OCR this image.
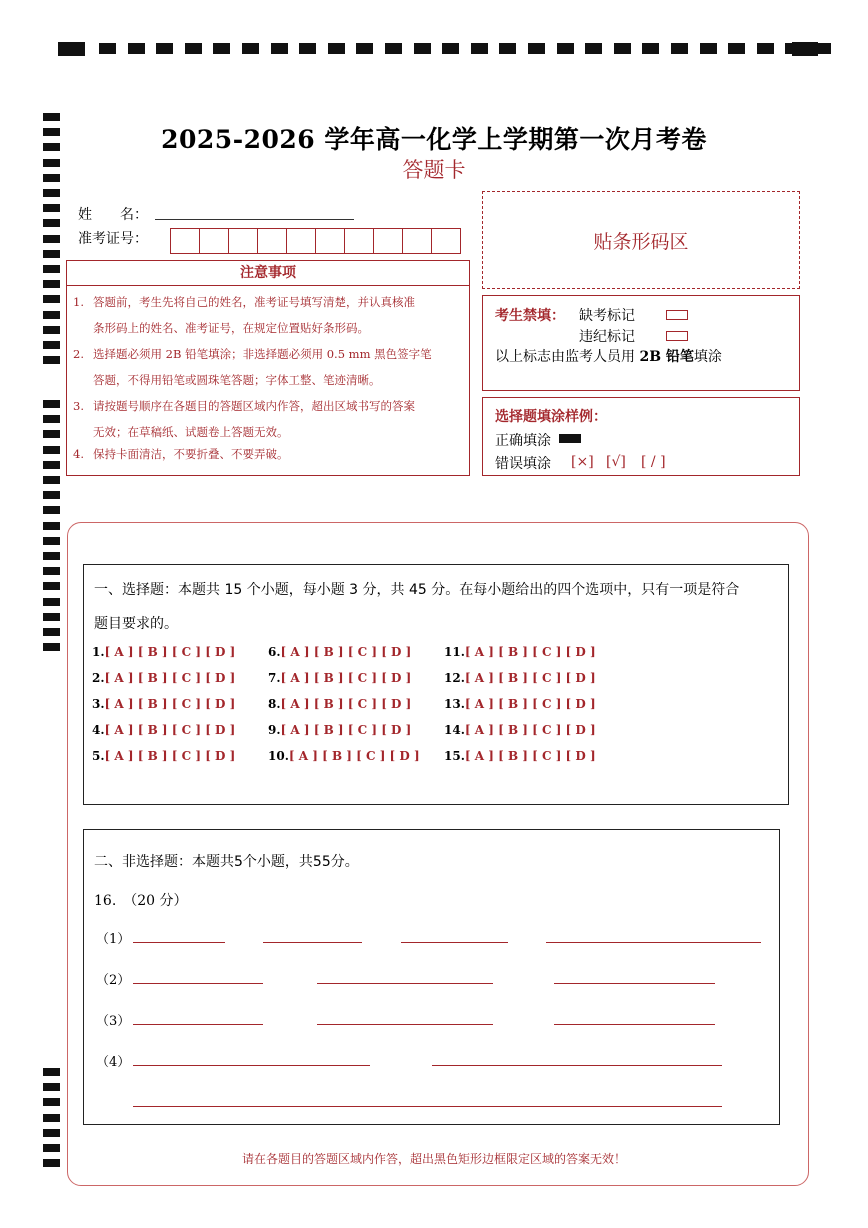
2025-2026 学年高一化学上学期第一次月考卷
答题卡
姓　　名：
准考证号：
注意事项
1. 答题前，考生先将自己的姓名，准考证号填写清楚，并认真核准
条形码上的姓名、准考证号，在规定位置贴好条形码。
2. 选择题必须用 2B 铅笔填涂；非选择题必须用 0.5 mm 黑色签字笔
答题，不得用铅笔或圆珠笔答题；字体工整、笔迹清晰。
3. 请按题号顺序在各题目的答题区域内作答，超出区域书写的答案
无效；在草稿纸、试题卷上答题无效。
4. 保持卡面清洁，不要折叠、不要弄破。
贴条形码区
考生禁填： 缺考标记
违纪标记
以上标志由监考人员用 2B 铅笔填涂
选择题填涂样例：
正确填涂
错误填涂 [×] [√] [ / ]
一、选择题：本题共 15 个小题，每小题 3 分，共 45 分。在每小题给出的四个选项中，只有一项是符合
题目要求的。
1.[ A ] [ B ] [ C ] [ D ]
2.[ A ] [ B ] [ C ] [ D ]
3.[ A ] [ B ] [ C ] [ D ]
4.[ A ] [ B ] [ C ] [ D ]
5.[ A ] [ B ] [ C ] [ D ]
6.[ A ] [ B ] [ C ] [ D ]
7.[ A ] [ B ] [ C ] [ D ]
8.[ A ] [ B ] [ C ] [ D ]
9.[ A ] [ B ] [ C ] [ D ]
10.[ A ] [ B ] [ C ] [ D ]
11.[ A ] [ B ] [ C ] [ D ]
12.[ A ] [ B ] [ C ] [ D ]
13.[ A ] [ B ] [ C ] [ D ]
14.[ A ] [ B ] [ C ] [ D ]
15.[ A ] [ B ] [ C ] [ D ]
二、非选择题：本题共5个小题，共55分。
16.　（20 分）
（1）
（2）
（3）
（4）
请在各题目的答题区域内作答，超出黑色矩形边框限定区域的答案无效！
